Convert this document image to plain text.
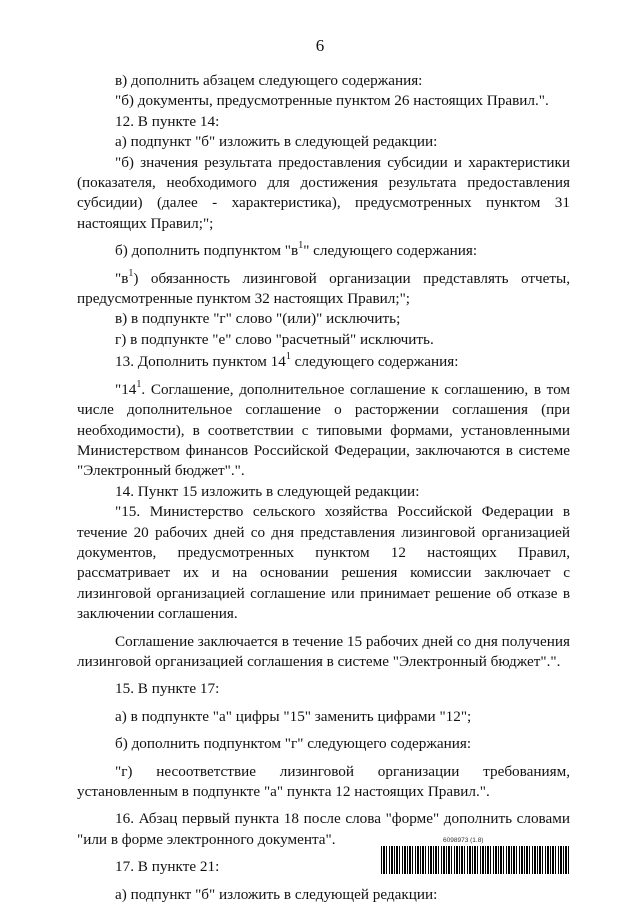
6

в) дополнить абзацем следующего содержания:

"б) документы, предусмотренные пунктом 26 настоящих Правил.".

12. В пункте 14:

а) подпункт "б" изложить в следующей редакции:

"б) значения результата предоставления субсидии и характеристики (показателя, необходимого для достижения результата предоставления субсидии) (далее - характеристика), предусмотренных пунктом 31 настоящих Правил;";

б) дополнить подпунктом "$в^1$" следующего содержания:

"$в^1$) обязанность лизинговой организации представлять отчеты, предусмотренные пунктом 32 настоящих Правил;";

в) в подпункте "г" слово "(или)" исключить;

г) в подпункте "е" слово "расчетный" исключить.

13. Дополнить пунктом $14^1$ следующего содержания:

"$14^1$. Соглашение, дополнительное соглашение к соглашению, в том числе дополнительное соглашение о расторжении соглашения (при необходимости), в соответствии с типовыми формами, установленными Министерством финансов Российской Федерации, заключаются в системе "Электронный бюджет".".

14. Пункт 15 изложить в следующей редакции:

"15. Министерство сельского хозяйства Российской Федерации в течение 20 рабочих дней со дня представления лизинговой организацией документов, предусмотренных пунктом 12 настоящих Правил, рассматривает их и на основании решения комиссии заключает с лизинговой организацией соглашение или принимает решение об отказе в заключении соглашения.

Соглашение заключается в течение 15 рабочих дней со дня получения лизинговой организацией соглашения в системе "Электронный бюджет".".

15. В пункте 17:

а) в подпункте "а" цифры "15" заменить цифрами "12";

б) дополнить подпунктом "г" следующего содержания:

"г) несоответствие лизинговой организации требованиям, установленным в подпункте "а" пункта 12 настоящих Правил.".

16. Абзац первый пункта 18 после слова "форме" дополнить словами "или в форме электронного документа".

17. В пункте 21:

а) подпункт "б" изложить в следующей редакции:

6098973 (1.8)
